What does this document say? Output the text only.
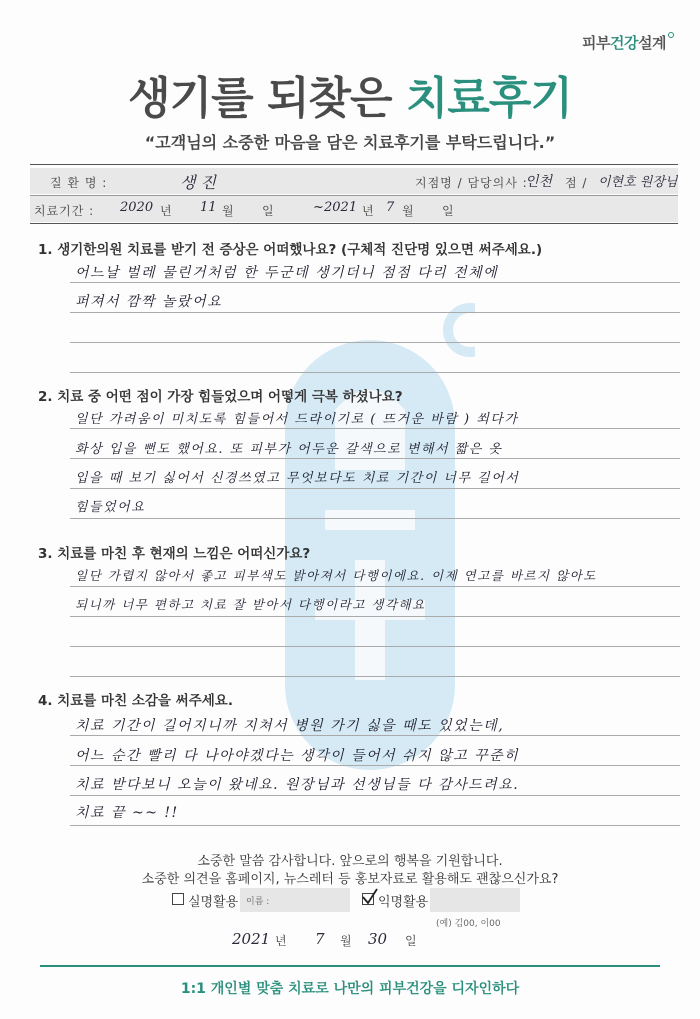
피부건강설계
생기를 되찾은 치료후기
“고객님의 소중한 마음을 담은 치료후기를 부탁드립니다.”
질 환 명 :	생 진	지점명 / 담당의사 :
인천 점 / 이현호 원장님
치료기간 : 2020 년 11 월 일	~ 2021 년 7 월 일
1. 생기한의원 치료를 받기 전 증상은 어떠했나요? (구체적 진단명 있으면 써주세요.)
어느날 벌레 물린거처럼 한 두군데 생기더니 점점 다리 전체에
퍼져서 깜짝 놀랐어요
2. 치료 중 어떤 점이 가장 힘들었으며 어떻게 극복 하셨나요?
일단 가려움이 미치도록 힘들어서 드라이기로 ( 뜨거운 바람 ) 쐬다가
화상 입을 뻔도 했어요. 또 피부가 어두운 갈색으로 변해서 짧은 옷
입을 때 보기 싫어서 신경쓰였고 무엇보다도 치료 기간이 너무 길어서
힘들었어요
3. 치료를 마친 후 현재의 느낌은 어떠신가요?
일단 가렵지 않아서 좋고 피부색도 밝아져서 다행이에요. 이제 연고를 바르지 않아도
되니까 너무 편하고 치료 잘 받아서 다행이라고 생각해요
4. 치료를 마친 소감을 써주세요.
치료 기간이 길어지니까 지쳐서 병원 가기 싫을 때도 있었는데,
어느 순간 빨리 다 나아야겠다는 생각이 들어서 쉬지 않고 꾸준히
치료 받다보니 오늘이 왔네요. 원장님과 선생님들 다 감사드려요.
치료 끝 ~~ !!
소중한 말씀 감사합니다. 앞으로의 행복을 기원합니다.
소중한 의견을 홈페이지, 뉴스레터 등 홍보자료로 활용해도 괜찮으신가요?
실명활용 이름 :	익명활용
(예) 김00, 이00
2021 년 7 월 30 일
1:1 개인별 맞춤 치료로 나만의 피부건강을 디자인하다
